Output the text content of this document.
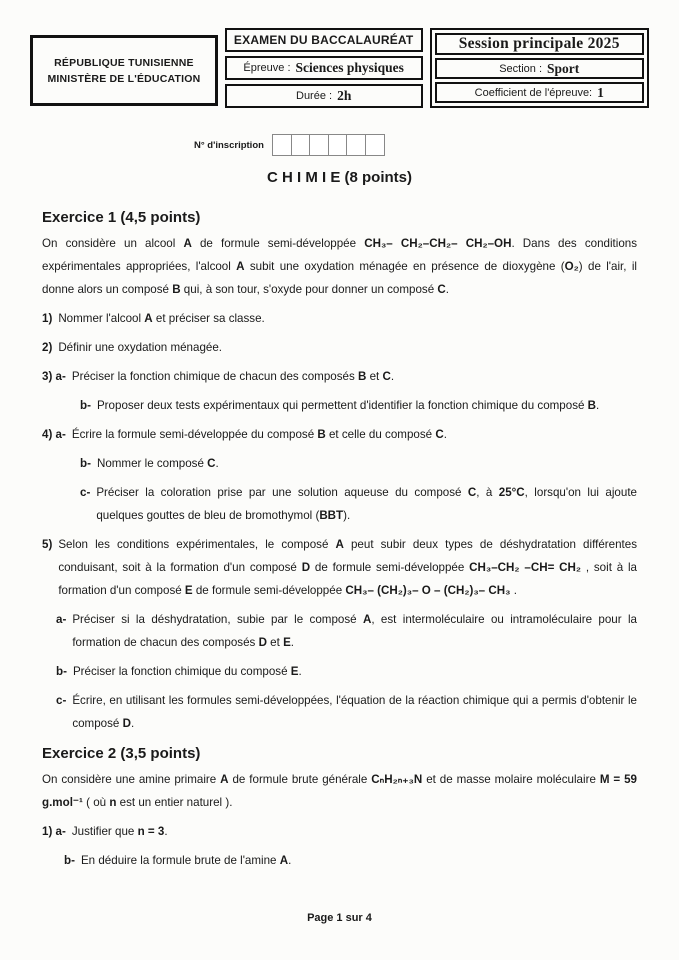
RÉPUBLIQUE TUNISIENNE
MINISTÈRE DE L'ÉDUCATION
EXAMEN DU BACCALAURÉAT
Épreuve : Sciences physiques
Durée : 2h
Session principale 2025
Section : Sport
Coefficient de l'épreuve: 1
N° d'inscription
C H I M I E (8 points)
Exercice 1 (4,5 points)
On considère un alcool A de formule semi-développée CH₃– CH₂–CH₂– CH₂–OH. Dans des conditions expérimentales appropriées, l'alcool A subit une oxydation ménagée en présence de dioxygène (O₂) de l'air, il donne alors un composé B qui, à son tour, s'oxyde pour donner un composé C.
1) Nommer l'alcool A et préciser sa classe.
2) Définir une oxydation ménagée.
3) a- Préciser la fonction chimique de chacun des composés B et C.
b- Proposer deux tests expérimentaux qui permettent d'identifier la fonction chimique du composé B.
4) a- Écrire la formule semi-développée du composé B et celle du composé C.
b- Nommer le composé C.
c- Préciser la coloration prise par une solution aqueuse du composé C, à 25°C, lorsqu'on lui ajoute quelques gouttes de bleu de bromothymol (BBT).
5) Selon les conditions expérimentales, le composé A peut subir deux types de déshydratation différentes conduisant, soit à la formation d'un composé D de formule semi-développée CH₃–CH₂ –CH= CH₂ , soit à la formation d'un composé E de formule semi-développée CH₃– (CH₂)₃– O – (CH₂)₃– CH₃ .
a- Préciser si la déshydratation, subie par le composé A, est intermoléculaire ou intramoléculaire pour la formation de chacun des composés D et E.
b- Préciser la fonction chimique du composé E.
c- Écrire, en utilisant les formules semi-développées, l'équation de la réaction chimique qui a permis d'obtenir le composé D.
Exercice 2 (3,5 points)
On considère une amine primaire A de formule brute générale CₙH₂ₙ₊₃N et de masse molaire moléculaire M = 59 g.mol⁻¹ ( où n est un entier naturel ).
1) a- Justifier que n = 3.
b- En déduire la formule brute de l'amine A.
Page 1 sur 4
